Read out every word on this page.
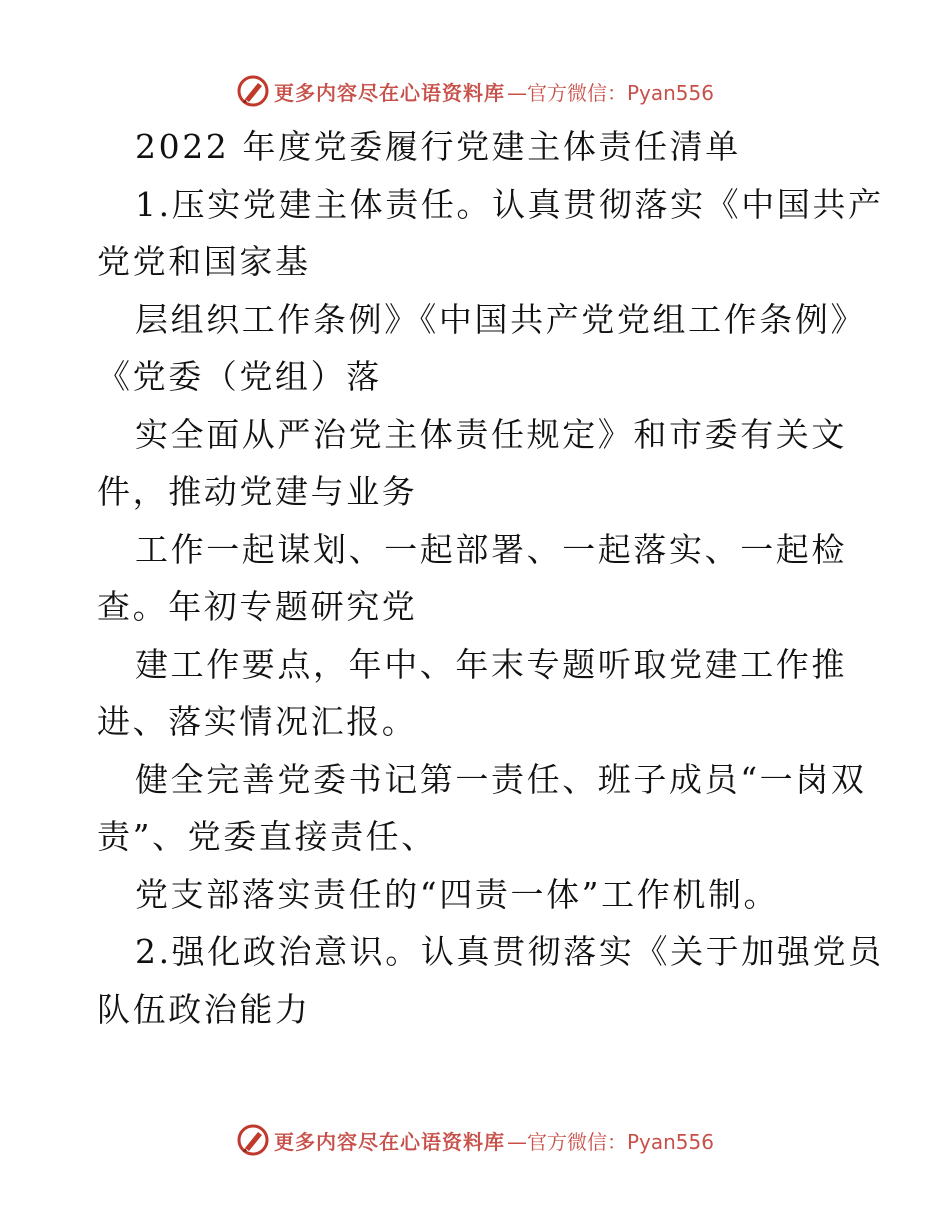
更多内容尽在心语资料库 —官方微信：Pyan556
2022 年度党委履行党建主体责任清单
1.压实党建主体责任。认真贯彻落实《中国共产
党党和国家基
层组织工作条例》《中国共产党党组工作条例》
《党委（党组）落
实全面从严治党主体责任规定》和市委有关文
件，推动党建与业务
工作一起谋划、一起部署、一起落实、一起检
查。年初专题研究党
建工作要点，年中、年末专题听取党建工作推
进、落实情况汇报。
健全完善党委书记第一责任、班子成员“一岗双
责”、党委直接责任、
党支部落实责任的“四责一体”工作机制。
2.强化政治意识。认真贯彻落实《关于加强党员
队伍政治能力
更多内容尽在心语资料库 —官方微信：Pyan556
